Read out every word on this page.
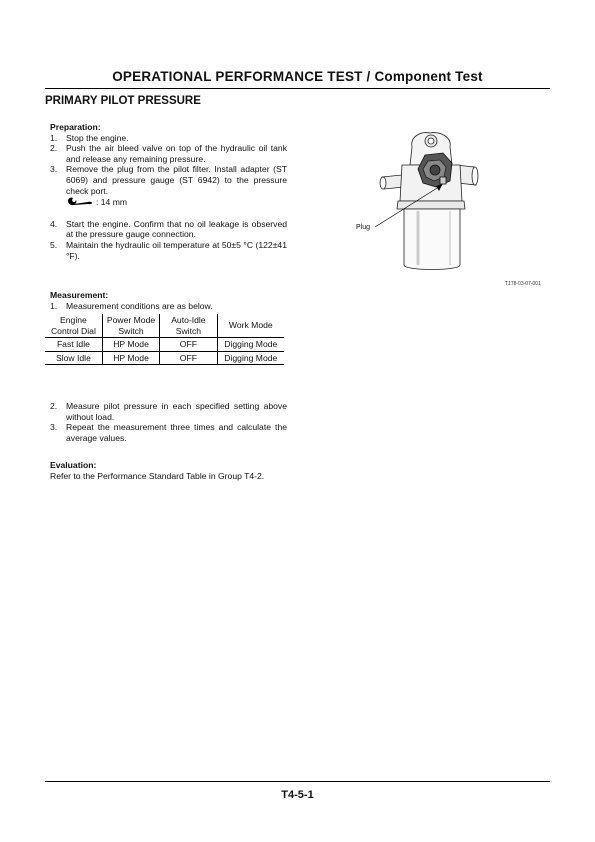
OPERATIONAL PERFORMANCE TEST / Component Test
PRIMARY PILOT PRESSURE
Preparation:
1.	Stop the engine.
2.	Push the air bleed valve on top of the hydraulic oil tank and release any remaining pressure.
3.	Remove the plug from the pilot filter. Install adapter (ST 6069) and pressure gauge (ST 6942) to the pressure check port.
: 14 mm
4.	Start the engine. Confirm that no oil leakage is observed at the pressure gauge connection.
5.	Maintain the hydraulic oil temperature at 50±5 °C (122±41 °F).
Measurement:
1.	Measurement conditions are as below.
Engine Control Dial	Power Mode Switch	Auto-Idle Switch	Work Mode
Fast Idle	HP Mode	OFF	Digging Mode
Slow Idle	HP Mode	OFF	Digging Mode
2.	Measure pilot pressure in each specified setting above without load.
3.	Repeat the measurement three times and calculate the average values.
Evaluation:
Refer to the Performance Standard Table in Group T4-2.
Plug
T178-03-07-001
T4-5-1
